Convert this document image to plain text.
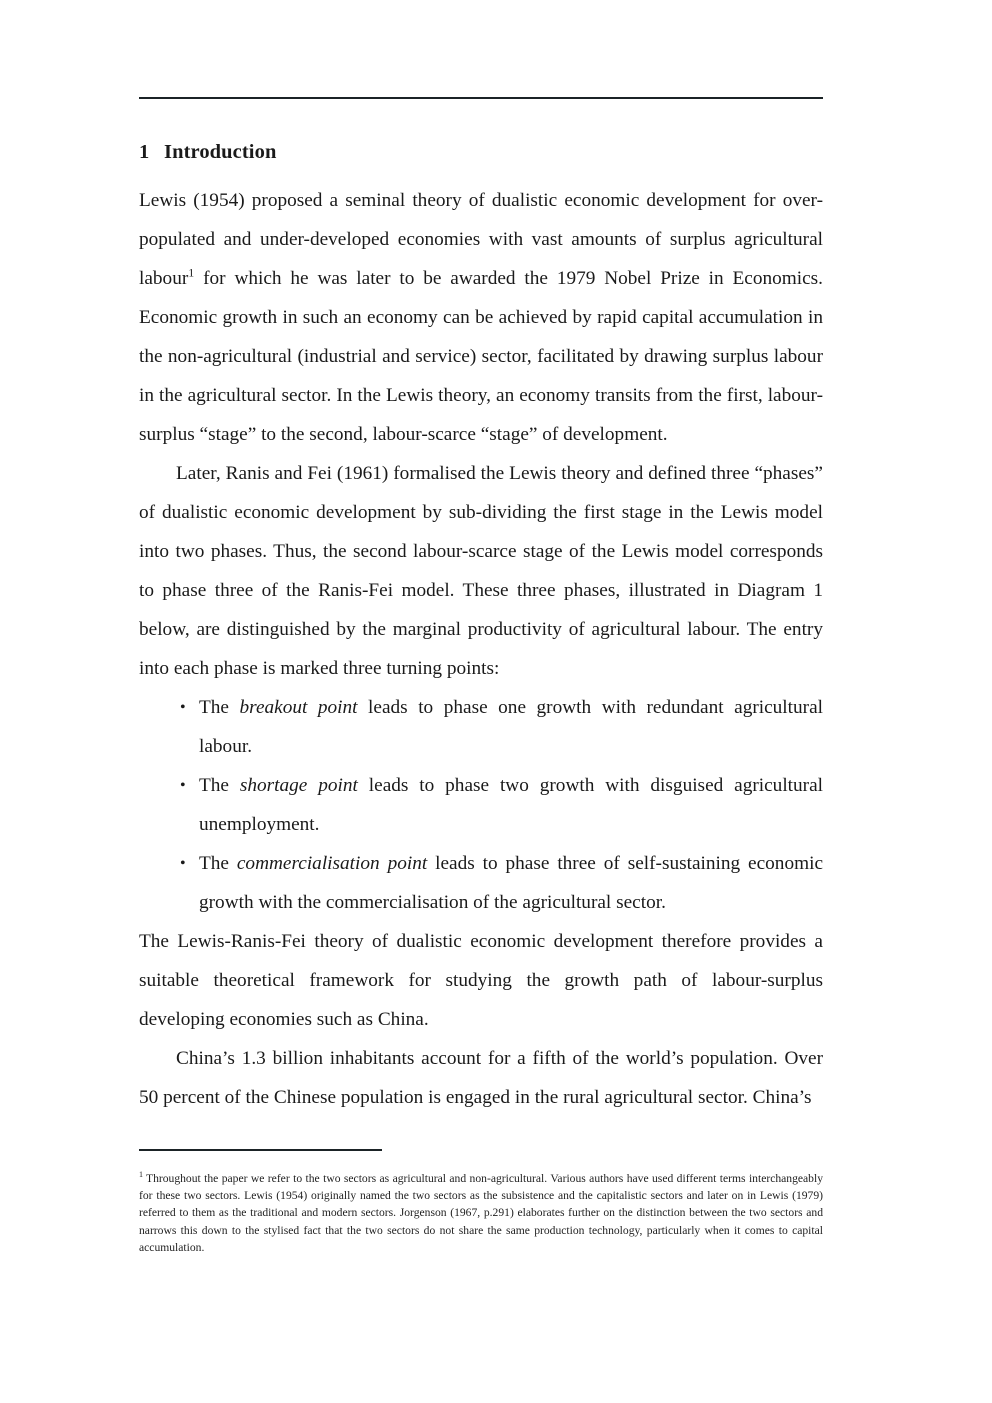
1 Introduction

Lewis (1954) proposed a seminal theory of dualistic economic development for over-populated and under-developed economies with vast amounts of surplus agricultural labour$^1$ for which he was later to be awarded the 1979 Nobel Prize in Economics. Economic growth in such an economy can be achieved by rapid capital accumulation in the non-agricultural (industrial and service) sector, facilitated by drawing surplus labour in the agricultural sector. In the Lewis theory, an economy transits from the first, labour-surplus “stage” to the second, labour-scarce “stage” of development.

Later, Ranis and Fei (1961) formalised the Lewis theory and defined three “phases” of dualistic economic development by sub-dividing the first stage in the Lewis model into two phases. Thus, the second labour-scarce stage of the Lewis model corresponds to phase three of the Ranis-Fei model. These three phases, illustrated in Diagram 1 below, are distinguished by the marginal productivity of agricultural labour. The entry into each phase is marked three turning points:

• The breakout point leads to phase one growth with redundant agricultural labour.
• The shortage point leads to phase two growth with disguised agricultural unemployment.
• The commercialisation point leads to phase three of self-sustaining economic growth with the commercialisation of the agricultural sector.

The Lewis-Ranis-Fei theory of dualistic economic development therefore provides a suitable theoretical framework for studying the growth path of labour-surplus developing economies such as China.

China’s 1.3 billion inhabitants account for a fifth of the world’s population. Over 50 percent of the Chinese population is engaged in the rural agricultural sector. China’s

$^1$ Throughout the paper we refer to the two sectors as agricultural and non-agricultural. Various authors have used different terms interchangeably for these two sectors. Lewis (1954) originally named the two sectors as the subsistence and the capitalistic sectors and later on in Lewis (1979) referred to them as the traditional and modern sectors. Jorgenson (1967, p.291) elaborates further on the distinction between the two sectors and narrows this down to the stylised fact that the two sectors do not share the same production technology, particularly when it comes to capital accumulation.
